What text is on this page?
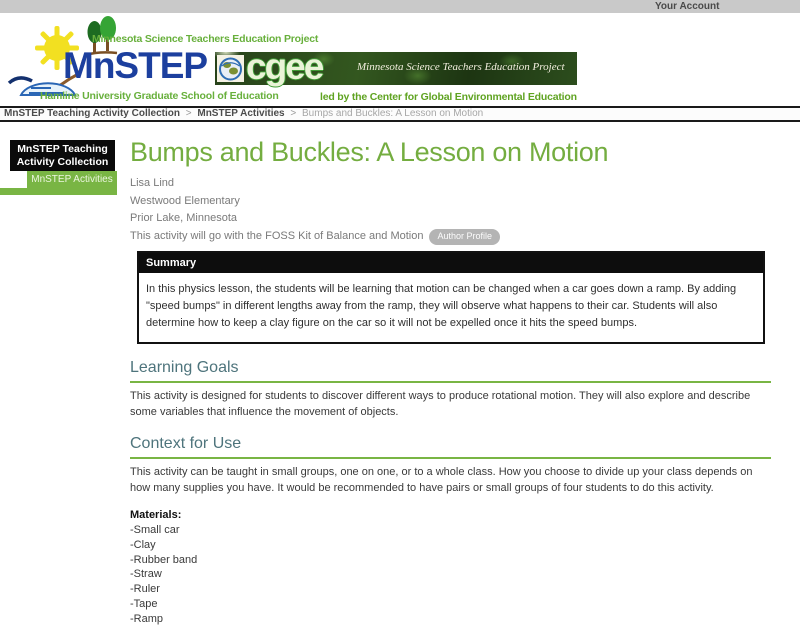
Your Account
Minnesota Science Teachers Education Project
MnSTEP
Hamline University Graduate School of Education
cgee	Minnesota Science Teachers Education Project
led by the Center for Global Environmental Education
MnSTEP Teaching Activity Collection > MnSTEP Activities > Bumps and Buckles: A Lesson on Motion
MnSTEP Teaching Activity Collection
MnSTEP Activities
Bumps and Buckles: A Lesson on Motion
Lisa Lind
Westwood Elementary
Prior Lake, Minnesota
This activity will go with the FOSS Kit of Balance and Motion Author Profile
Summary
In this physics lesson, the students will be learning that motion can be changed when a car goes down a ramp. By adding "speed bumps" in different lengths away from the ramp, they will observe what happens to their car. Students will also determine how to keep a clay figure on the car so it will not be expelled once it hits the speed bumps.
Learning Goals

This activity is designed for students to discover different ways to produce rotational motion. They will also explore and describe some variables that influence the movement of objects.

Context for Use

This activity can be taught in small groups, one on one, or to a whole class. How you choose to divide up your class depends on how many supplies you have. It would be recommended to have pairs or small groups of four students to do this activity.

Materials:
-Small car
-Clay
-Rubber band
-Straw
-Ruler
-Tape
-Ramp
